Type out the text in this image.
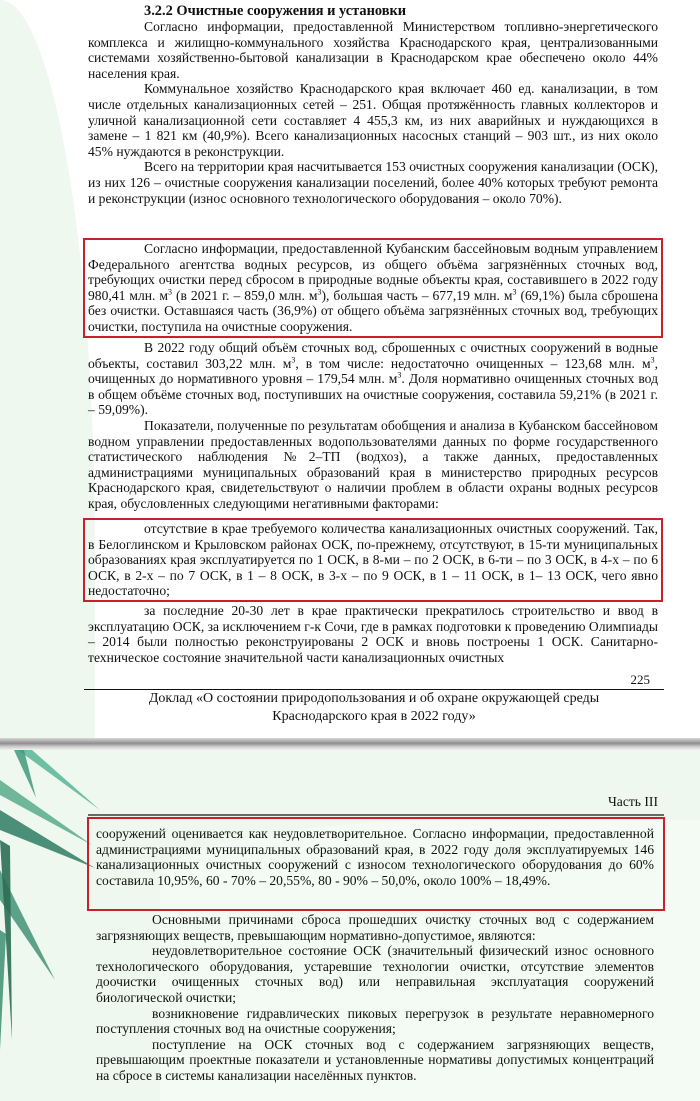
3.2.2 Очистные сооружения и установки

Согласно информации, предоставленной Министерством топливно-энергетического комплекса и жилищно-коммунального хозяйства Краснодарского края, централизованными системами хозяйственно-бытовой канализации в Краснодарском крае обеспечено около 44% населения края.

Коммунальное хозяйство Краснодарского края включает 460 ед. канализации, в том числе отдельных канализационных сетей – 251. Общая протяжённость главных коллекторов и уличной канализационной сети составляет 4 455,3 км, из них аварийных и нуждающихся в замене – 1 821 км (40,9%). Всего канализационных насосных станций – 903 шт., из них около 45% нуждаются в реконструкции.

Всего на территории края насчитывается 153 очистных сооружения канализации (ОСК), из них 126 – очистные сооружения канализации поселений, более 40% которых требуют ремонта и реконструкции (износ основного технологического оборудования – около 70%).

Согласно информации, предоставленной Кубанским бассейновым водным управлением Федерального агентства водных ресурсов, из общего объёма загрязнённых сточных вод, требующих очистки перед сбросом в природные водные объекты края, составившего в 2022 году 980,41 млн. $м^3$ (в 2021 г. – 859,0 млн. $м^3$), большая часть – 677,19 млн. $м^3$ (69,1%) была сброшена без очистки. Оставшаяся часть (36,9%) от общего объёма загрязнённых сточных вод, требующих очистки, поступила на очистные сооружения.

В 2022 году общий объём сточных вод, сброшенных с очистных сооружений в водные объекты, составил 303,22 млн. $м^3$, в том числе: недостаточно очищенных – 123,68 млн. $м^3$, очищенных до нормативного уровня – 179,54 млн. $м^3$. Доля нормативно очищенных сточных вод в общем объёме сточных вод, поступивших на очистные сооружения, составила 59,21% (в 2021 г. – 59,09%).

Показатели, полученные по результатам обобщения и анализа в Кубанском бассейновом водном управлении предоставленных водопользователями данных по форме государственного статистического наблюдения №2–ТП (водхоз), а также данных, предоставленных администрациями муниципальных образований края в министерство природных ресурсов Краснодарского края, свидетельствуют о наличии проблем в области охраны водных ресурсов края, обусловленных следующими негативными факторами:

отсутствие в крае требуемого количества канализационных очистных сооружений. Так, в Белоглинском и Крыловском районах ОСК, по-прежнему, отсутствуют, в 15-ти муниципальных образованиях края эксплуатируется по 1 ОСК, в 8-ми – по 2 ОСК, в 6-ти – по 3 ОСК, в 4-х – по 6 ОСК, в 2-х – по 7 ОСК, в 1 – 8 ОСК, в 3-х – по 9 ОСК, в 1 – 11 ОСК, в 1– 13 ОСК, чего явно недостаточно;

за последние 20-30 лет в крае практически прекратилось строительство и ввод в эксплуатацию ОСК, за исключением г-к Сочи, где в рамках подготовки к проведению Олимпиады – 2014 были полностью реконструированы 2 ОСК и вновь построены 1 ОСК. Санитарно-техническое состояние значительной части канализационных очистных

225
Доклад «О состоянии природопользования и об охране окружающей среды
Краснодарского края в 2022 году»
Часть III

сооружений оценивается как неудовлетворительное. Согласно информации, предоставленной администрациями муниципальных образований края, в 2022 году доля эксплуатируемых 146 канализационных очистных сооружений с износом технологического оборудования до 60% составила 10,95%, 60 - 70% – 20,55%, 80 - 90% – 50,0%, около 100% – 18,49%.

Основными причинами сброса прошедших очистку сточных вод с содержанием загрязняющих веществ, превышающим нормативно-допустимое, являются:

неудовлетворительное состояние ОСК (значительный физический износ основного технологического оборудования, устаревшие технологии очистки, отсутствие элементов доочистки очищенных сточных вод) или неправильная эксплуатация сооружений биологической очистки;

возникновение гидравлических пиковых перегрузок в результате неравномерного поступления сточных вод на очистные сооружения;

поступление на ОСК сточных вод с содержанием загрязняющих веществ, превышающим проектные показатели и установленные нормативы допустимых концентраций на сбросе в системы канализации населённых пунктов.
